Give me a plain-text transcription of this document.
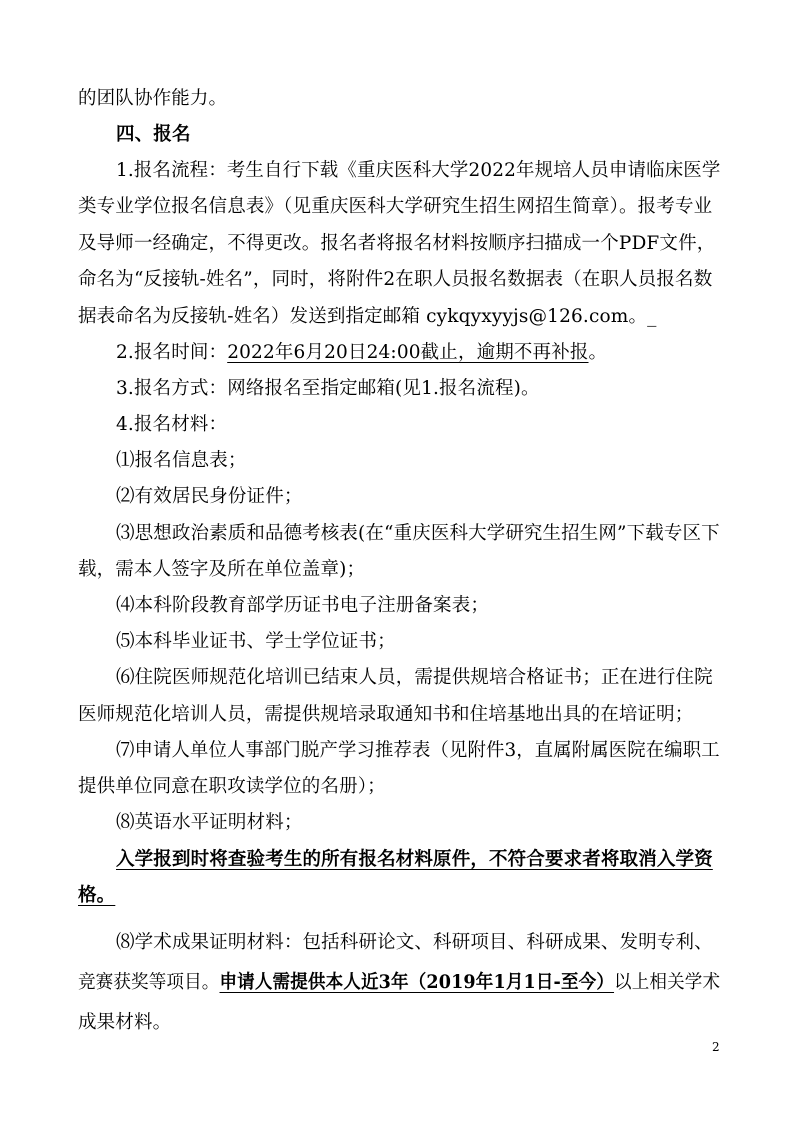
的团队协作能力。
四、报名
1.报名流程：考生自行下载《重庆医科大学2022年规培人员申请临床医学
类专业学位报名信息表》（见重庆医科大学研究生招生网招生简章）。报考专业
及导师一经确定，不得更改。报名者将报名材料按顺序扫描成一个PDF文件，
命名为“反接轨-姓名”，同时，将附件2在职人员报名数据表（在职人员报名数
据表命名为反接轨-姓名）发送到指定邮箱 cykqyxyyjs@126.com。_
2.报名时间：2022年6月20日24:00截止，逾期不再补报。
3.报名方式：网络报名至指定邮箱(见1.报名流程)。
4.报名材料：
⑴报名信息表；
⑵有效居民身份证件；
⑶思想政治素质和品德考核表(在“重庆医科大学研究生招生网”下载专区下
载，需本人签字及所在单位盖章)；
⑷本科阶段教育部学历证书电子注册备案表；
⑸本科毕业证书、学士学位证书；
⑹住院医师规范化培训已结束人员，需提供规培合格证书；正在进行住院
医师规范化培训人员，需提供规培录取通知书和住培基地出具的在培证明；
⑺申请人单位人事部门脱产学习推荐表（见附件3，直属附属医院在编职工
提供单位同意在职攻读学位的名册）；
⑻英语水平证明材料；
入学报到时将查验考生的所有报名材料原件，不符合要求者将取消入学资
格。
⑻学术成果证明材料：包括科研论文、科研项目、科研成果、发明专利、
竞赛获奖等项目。申请人需提供本人近3年（2019年1月1日-至今）以上相关学术
成果材料。
2
